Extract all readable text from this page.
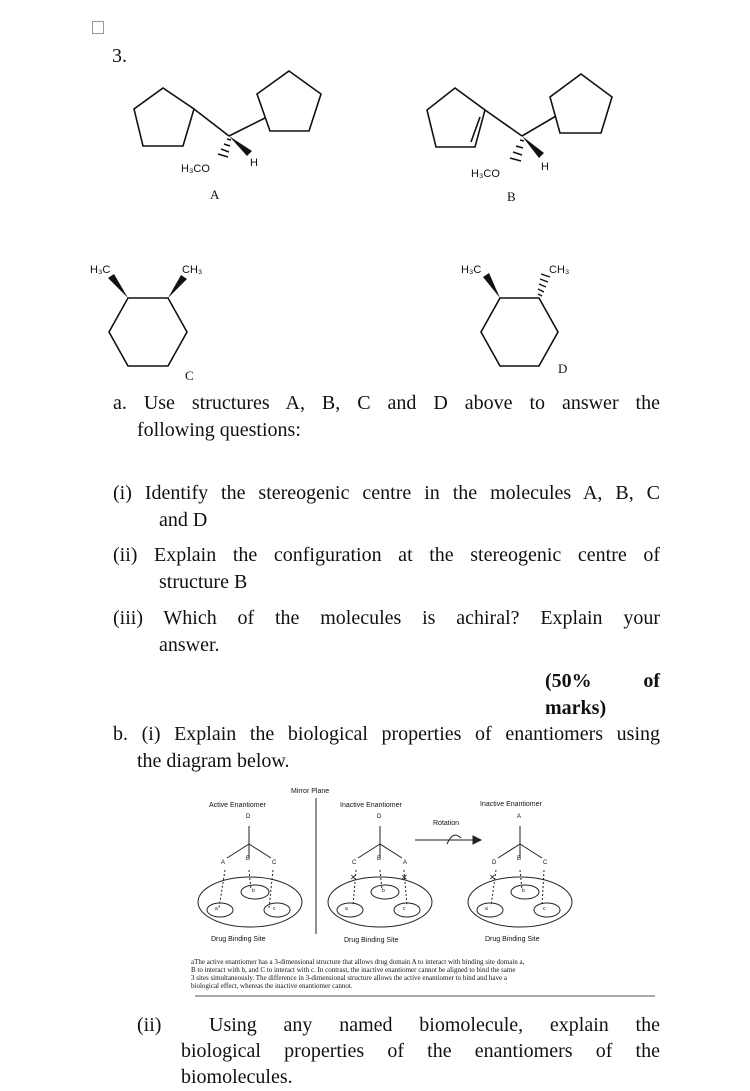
3.
H₃CO	H
A
H₃CO
H
B
H₃C	CH₃
C
H₃C	CH₃
D
a. Use structures A, B, C and D above to answer the
following questions:
(i) Identify the stereogenic centre in the molecules A, B, C
and D
(ii) Explain the configuration at the stereogenic centre of
structure B
(iii) Which of the molecules is achiral? Explain your
answer.
(50% of
marks)
b. (i) Explain the biological properties of enantiomers using
the diagram below.
Mirror Plane
Active Enantiomer	Inactive Enantiomer	Inactive Enantiomer
Rotation
D
A
B
C
b
a	c
D
C
B
A
✕	✕
b
a	c
A
D
B
C
✕
b
a	c
Drug Binding Site	Drug Binding Site	Drug Binding Site
aThe active enantiomer has a 3-dimensional structure that allows drug domain A to interact with binding site domain a,
B to interact with b, and C to interact with c. In contrast, the inactive enantiomer cannot be aligned to bind the same
3 sites simultaneously. The difference in 3-dimensional structure allows the active enantiomer to bind and have a
biological effect, whereas the inactive enantiomer cannot.
(ii) Using any named biomolecule, explain the
biological properties of the enantiomers of the
biomolecules.
